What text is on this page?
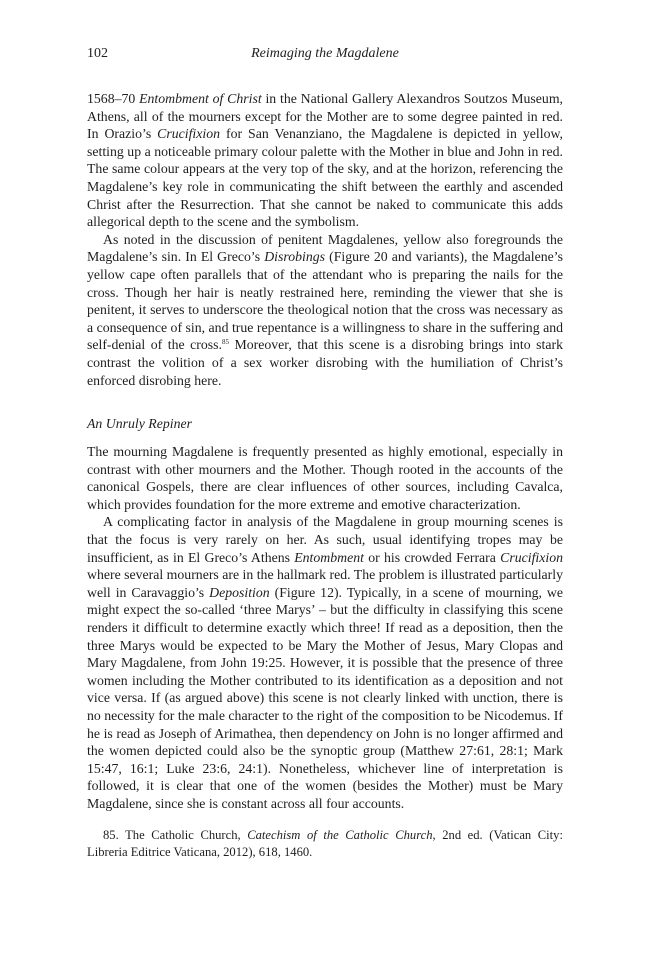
102	Reimaging the Magdalene

1568–70 Entombment of Christ in the National Gallery Alexandros Soutzos Museum, Athens, all of the mourners except for the Mother are to some degree painted in red. In Orazio’s Crucifixion for San Venanziano, the Magdalene is depicted in yellow, setting up a noticeable primary colour palette with the Mother in blue and John in red. The same colour appears at the very top of the sky, and at the horizon, referencing the Magdalene’s key role in communicating the shift between the earthly and ascended Christ after the Resurrection. That she cannot be naked to communicate this adds allegorical depth to the scene and the symbolism.

As noted in the discussion of penitent Magdalenes, yellow also foregrounds the Magdalene’s sin. In El Greco’s Disrobings (Figure 20 and variants), the Magdalene’s yellow cape often parallels that of the attendant who is preparing the nails for the cross. Though her hair is neatly restrained here, reminding the viewer that she is penitent, it serves to underscore the theological notion that the cross was necessary as a consequence of sin, and true repentance is a willingness to share in the suffering and self-denial of the cross.$^{85}$ Moreover, that this scene is a disrobing brings into stark contrast the volition of a sex worker disrobing with the humiliation of Christ’s enforced disrobing here.

An Unruly Repiner

The mourning Magdalene is frequently presented as highly emotional, especially in contrast with other mourners and the Mother. Though rooted in the accounts of the canonical Gospels, there are clear influences of other sources, including Cavalca, which provides foundation for the more extreme and emotive characterization.

A complicating factor in analysis of the Magdalene in group mourning scenes is that the focus is very rarely on her. As such, usual identifying tropes may be insufficient, as in El Greco’s Athens Entombment or his crowded Ferrara Crucifixion where several mourners are in the hallmark red. The problem is illustrated particularly well in Caravaggio’s Deposition (Figure 12). Typically, in a scene of mourning, we might expect the so-called ‘three Marys’ – but the difficulty in classifying this scene renders it difficult to determine exactly which three! If read as a deposition, then the three Marys would be expected to be Mary the Mother of Jesus, Mary Clopas and Mary Magdalene, from John 19:25. However, it is possible that the presence of three women including the Mother contributed to its identification as a deposition and not vice versa. If (as argued above) this scene is not clearly linked with unction, there is no necessity for the male character to the right of the composition to be Nicodemus. If he is read as Joseph of Arimathea, then dependency on John is no longer affirmed and the women depicted could also be the synoptic group (Matthew 27:61, 28:1; Mark 15:47, 16:1; Luke 23:6, 24:1). Nonetheless, whichever line of interpretation is followed, it is clear that one of the women (besides the Mother) must be Mary Magdalene, since she is constant across all four accounts.

85. The Catholic Church, Catechism of the Catholic Church, 2nd ed. (Vatican City: Libreria Editrice Vaticana, 2012), 618, 1460.
